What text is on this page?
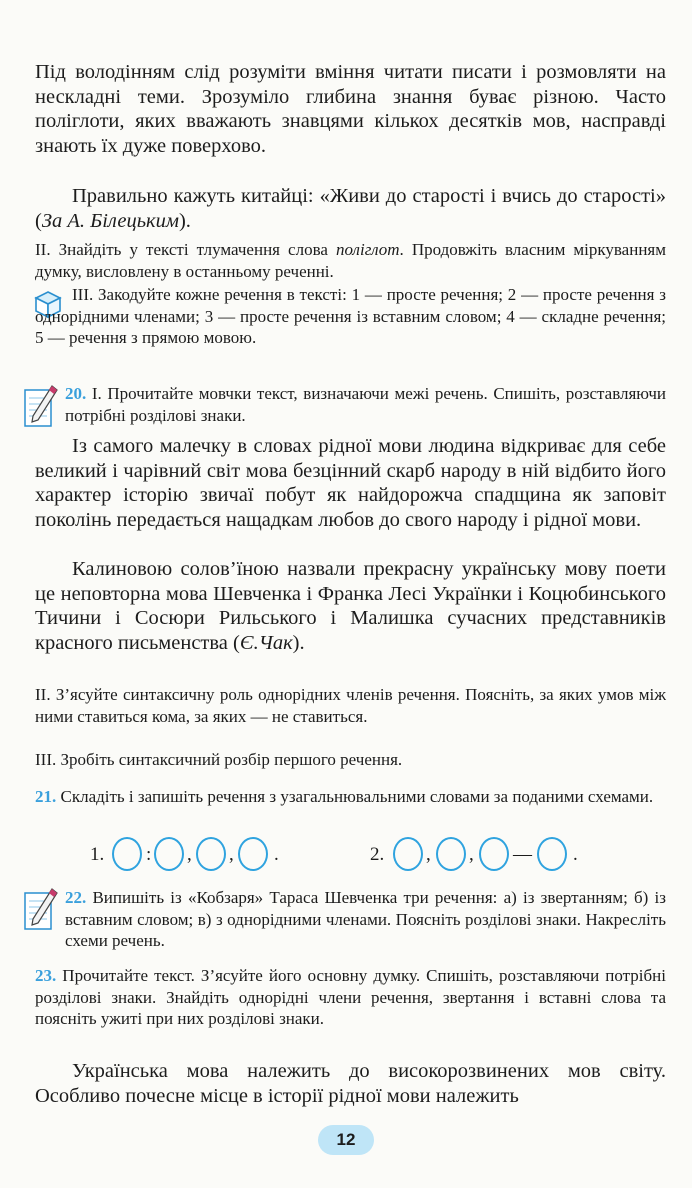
Під володінням слід розуміти вміння читати писати і розмовляти на нескладні теми. Зрозуміло глибина знання буває різною. Часто поліглоти, яких вважають знавцями кількох десятків мов, насправді знають їх дуже поверхово.

Правильно кажуть китайці: «Живи до старості і вчись до старості» (За А. Білецьким).

II. Знайдіть у тексті тлумачення слова поліглот. Продовжіть власним міркуванням думку, висловлену в останньому реченні.

III. Закодуйте кожне речення в тексті: 1 — просте речення; 2 — просте речення з однорідними членами; 3 — просте речення із вставним словом; 4 — складне речення; 5 — речення з прямою мовою.

20. I. Прочитайте мовчки текст, визначаючи межі речень. Спишіть, розставляючи потрібні розділові знаки.

Із самого малечку в словах рідної мови людина відкриває для себе великий і чарівний світ мова безцінний скарб народу в ній відбито його характер історію звичаї побут як найдорожча спадщина як заповіт поколінь передається нащадкам любов до свого народу і рідної мови.

Калиновою солов’їною назвали прекрасну українську мову поети це неповторна мова Шевченка і Франка Лесі Українки і Коцюбинського Тичини і Сосюри Рильського і Малишка сучасних представників красного письменства (Є.Чак).

II. З’ясуйте синтаксичну роль однорідних членів речення. Поясніть, за яких умов між ними ставиться кома, за яких — не ставиться.

III. Зробіть синтаксичний розбір першого речення.

21. Складіть і запишіть речення з узагальнювальними словами за поданими схемами.

1. : , , .	2. , , — .

22. Випишіть із «Кобзаря» Тараса Шевченка три речення: а) із звертанням; б) із вставним словом; в) з однорідними членами. Поясніть розділові знаки. Накресліть схеми речень.

23. Прочитайте текст. З’ясуйте його основну думку. Спишіть, розставляючи потрібні розділові знаки. Знайдіть однорідні члени речення, звертання і вставні слова та поясніть ужиті при них розділові знаки.

Українська мова належить до високорозвинених мов світу. Особливо почесне місце в історії рідної мови належить

12
